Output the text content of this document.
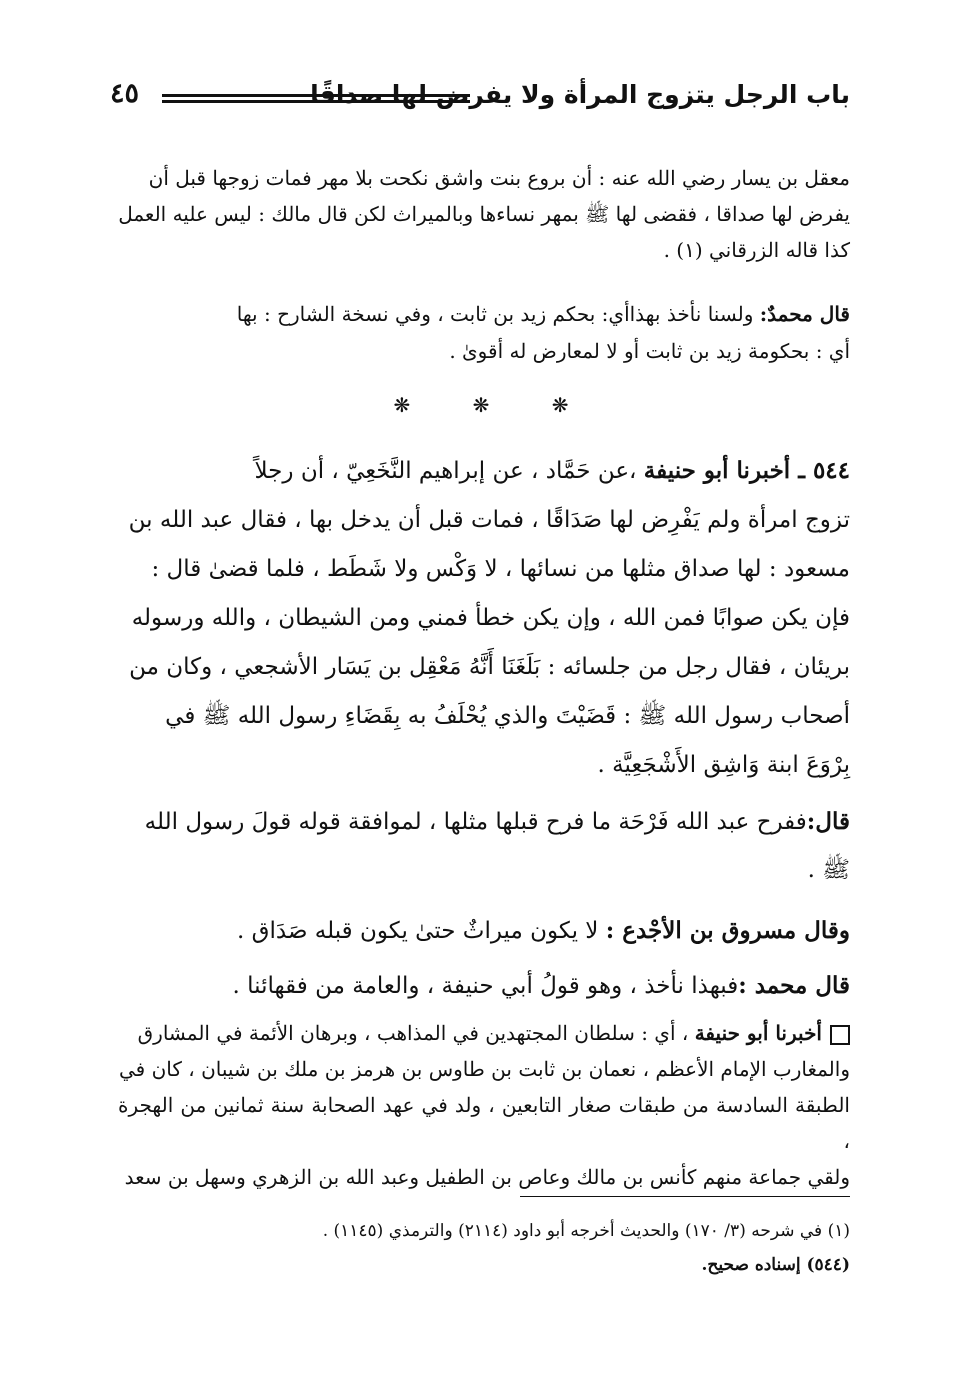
باب الرجل يتزوج المرأة ولا يفرض لها صداقًا
٤٥
معقل بن يسار رضي الله عنه : أن بروع بنت واشق نكحت بلا مهر فمات زوجها قبل أن
يفرض لها صداقا ، فقضى لها ﷺ بمهر نساءها وبالميراث لكن قال مالك : ليس عليه العمل
كذا قاله الزرقاني (١) .
قال محمدٌ: ولسنا نأخذ بهذاأي: بحكم زيد بن ثابت ، وفي نسخة الشارح : بها
أي : بحكومة زيد بن ثابت أو لا لمعارض له أقوىٰ .
❋	❋	❋
٥٤٤ ـ أخبرنا أبو حنيفة ،عن حَمَّاد ، عن إبراهيم النَّخَعِيّ ، أن رجلاً
تزوج امرأة ولم يَفْرِض لها صَدَاقًا ، فمات قبل أن يدخل بها ، فقال عبد الله بن
مسعود : لها صداق مثلها من نسائها ، لا وَكْس ولا شَطَط ، فلما قضىٰ قال :
فإن يكن صوابًا فمن الله ، وإن يكن خطأ فمني ومن الشيطان ، والله ورسوله
بريئان ، فقال رجل من جلسائه : بَلَغَنَا أَنَّهُ مَعْقِل بن يَسَار الأشجعي ، وكان من
أصحاب رسول الله ﷺ : قَضَيْتَ والذي يُحْلَفُ به بِقَضَاءِ رسول الله ﷺ في
بِرْوَعَ ابنة وَاشِق الأَشْجَعِيَّة .
قال:ففرح عبد الله فَرْحَة ما فرح قبلها مثلها ، لموافقة قوله قولَ رسول الله
ﷺ .
وقال مسروق بن الأجْدع : لا يكون ميراثٌ حتىٰ يكون قبله صَدَاق .
قال محمد :فبهذا نأخذ ، وهو قولُ أبي حنيفة ، والعامة من فقهائنا .
أخبرنا أبو حنيفة ، أي : سلطان المجتهدين في المذاهب ، وبرهان الأئمة في المشارق
والمغارب الإمام الأعظم ، نعمان بن ثابت بن طاوس بن هرمز بن ملك بن شيبان ، كان في
الطبقة السادسة من طبقات صغار التابعين ، ولد في عهد الصحابة سنة ثمانين من الهجرة ،
ولقي جماعة منهم كأنس بن مالك وعاص بن الطفيل وعبد الله بن الزهري وسهل بن سعد
(١) في شرحه (٣/ ١٧٠) والحديث أخرجه أبو داود (٢١١٤) والترمذي (١١٤٥) .
(٥٤٤) إسناده صحيح.
